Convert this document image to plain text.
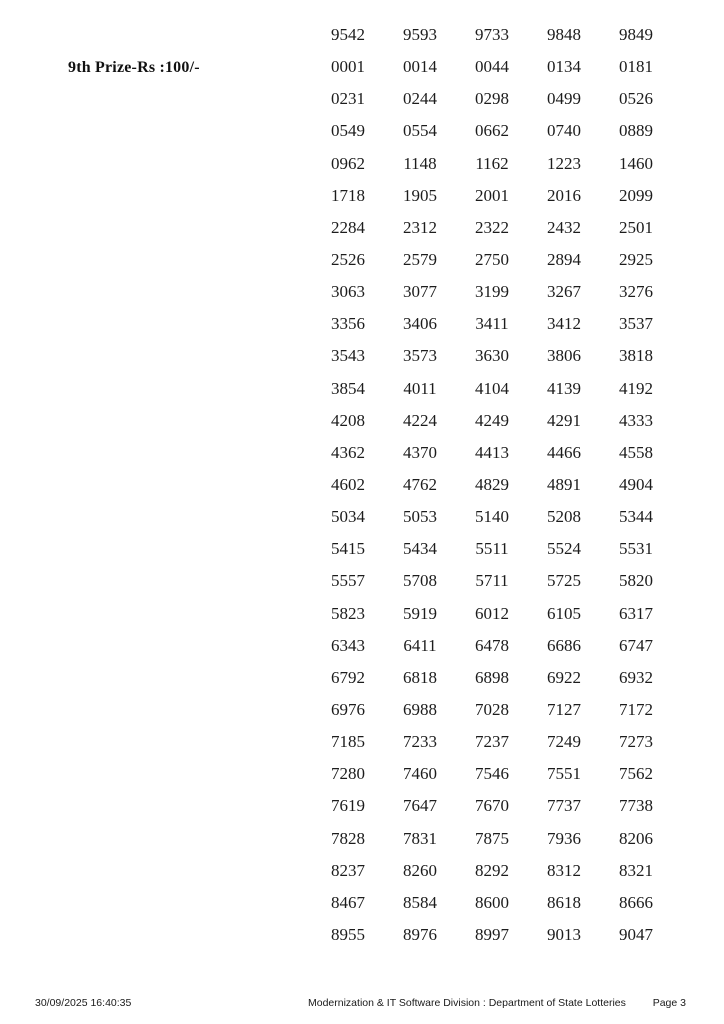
9th Prize-Rs :100/-
9542	9593	9733	9848	9849
0001	0014	0044	0134	0181
0231	0244	0298	0499	0526
0549	0554	0662	0740	0889
0962	1148	1162	1223	1460
1718	1905	2001	2016	2099
2284	2312	2322	2432	2501
2526	2579	2750	2894	2925
3063	3077	3199	3267	3276
3356	3406	3411	3412	3537
3543	3573	3630	3806	3818
3854	4011	4104	4139	4192
4208	4224	4249	4291	4333
4362	4370	4413	4466	4558
4602	4762	4829	4891	4904
5034	5053	5140	5208	5344
5415	5434	5511	5524	5531
5557	5708	5711	5725	5820
5823	5919	6012	6105	6317
6343	6411	6478	6686	6747
6792	6818	6898	6922	6932
6976	6988	7028	7127	7172
7185	7233	7237	7249	7273
7280	7460	7546	7551	7562
7619	7647	7670	7737	7738
7828	7831	7875	7936	8206
8237	8260	8292	8312	8321
8467	8584	8600	8618	8666
8955	8976	8997	9013	9047
30/09/2025 16:40:35	Modernization & IT Software Division : Department of State Lotteries	Page 3
